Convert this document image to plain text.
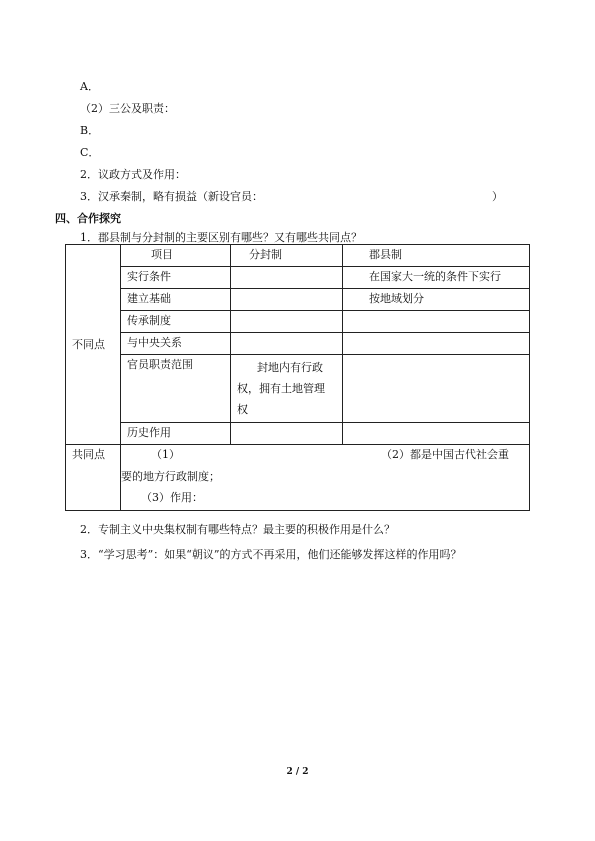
A．
（2）三公及职责：
B．
C．
2．议政方式及作用：
3．汉承秦制，略有损益（新设官员：	）
四、合作探究
1．郡县制与分封制的主要区别有哪些？又有哪些共同点？
不同点	项目	分封制	郡县制

	实行条件		在国家大一统的条件下实行

	建立基础		按地域划分

	传承制度		

	与中央关系		

	官员职责范围	封地内有行政
权，拥有土地管理
权	

	历史作用		

共同点	（1） （2）都是中国古代社会重
要的地方行政制度；
（3）作用：		
2．专制主义中央集权制有哪些特点？最主要的积极作用是什么？
3．“学习思考”：如果“朝议”的方式不再采用，他们还能够发挥这样的作用吗？
2 / 2
